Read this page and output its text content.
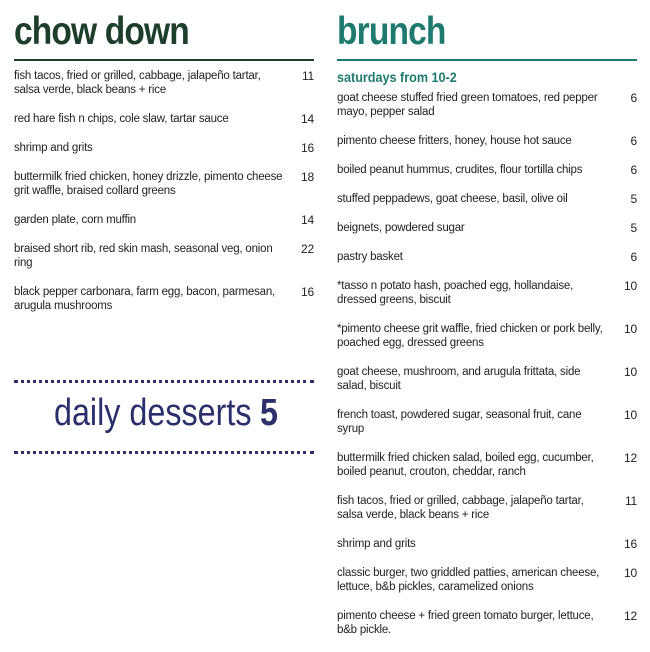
chow down
fish tacos, fried or grilled, cabbage, jalapeño tartar, salsa verde, black beans + rice
11
red hare fish n chips, cole slaw, tartar sauce	14
shrimp and grits	16
buttermilk fried chicken, honey drizzle, pimento cheese grit waffle, braised collard greens
18
garden plate, corn muffin	14
braised short rib, red skin mash, seasonal veg, onion ring
22
black pepper carbonara, farm egg, bacon, parmesan, arugula mushrooms
16
daily desserts 5
brunch
saturdays from 10-2
goat cheese stuffed fried green tomatoes, red pepper mayo, pepper salad
6
pimento cheese fritters, honey, house hot sauce	6
boiled peanut hummus, crudites, flour tortilla chips	6
stuffed peppadews, goat cheese, basil, olive oil	5
beignets, powdered sugar	5
pastry basket	6
*tasso n potato hash, poached egg, hollandaise, dressed greens, biscuit
10
*pimento cheese grit waffle, fried chicken or pork belly, poached egg, dressed greens
10
goat cheese, mushroom, and arugula frittata, side salad, biscuit
10
french toast, powdered sugar, seasonal fruit, cane syrup
10
buttermilk fried chicken salad, boiled egg, cucumber, boiled peanut, crouton, cheddar, ranch
12
fish tacos, fried or grilled, cabbage, jalapeño tartar, salsa verde, black beans + rice
11
shrimp and grits	16
classic burger, two griddled patties, american cheese, lettuce, b&b pickles, caramelized onions
10
pimento cheese + fried green tomato burger, lettuce, b&b pickle.
12
